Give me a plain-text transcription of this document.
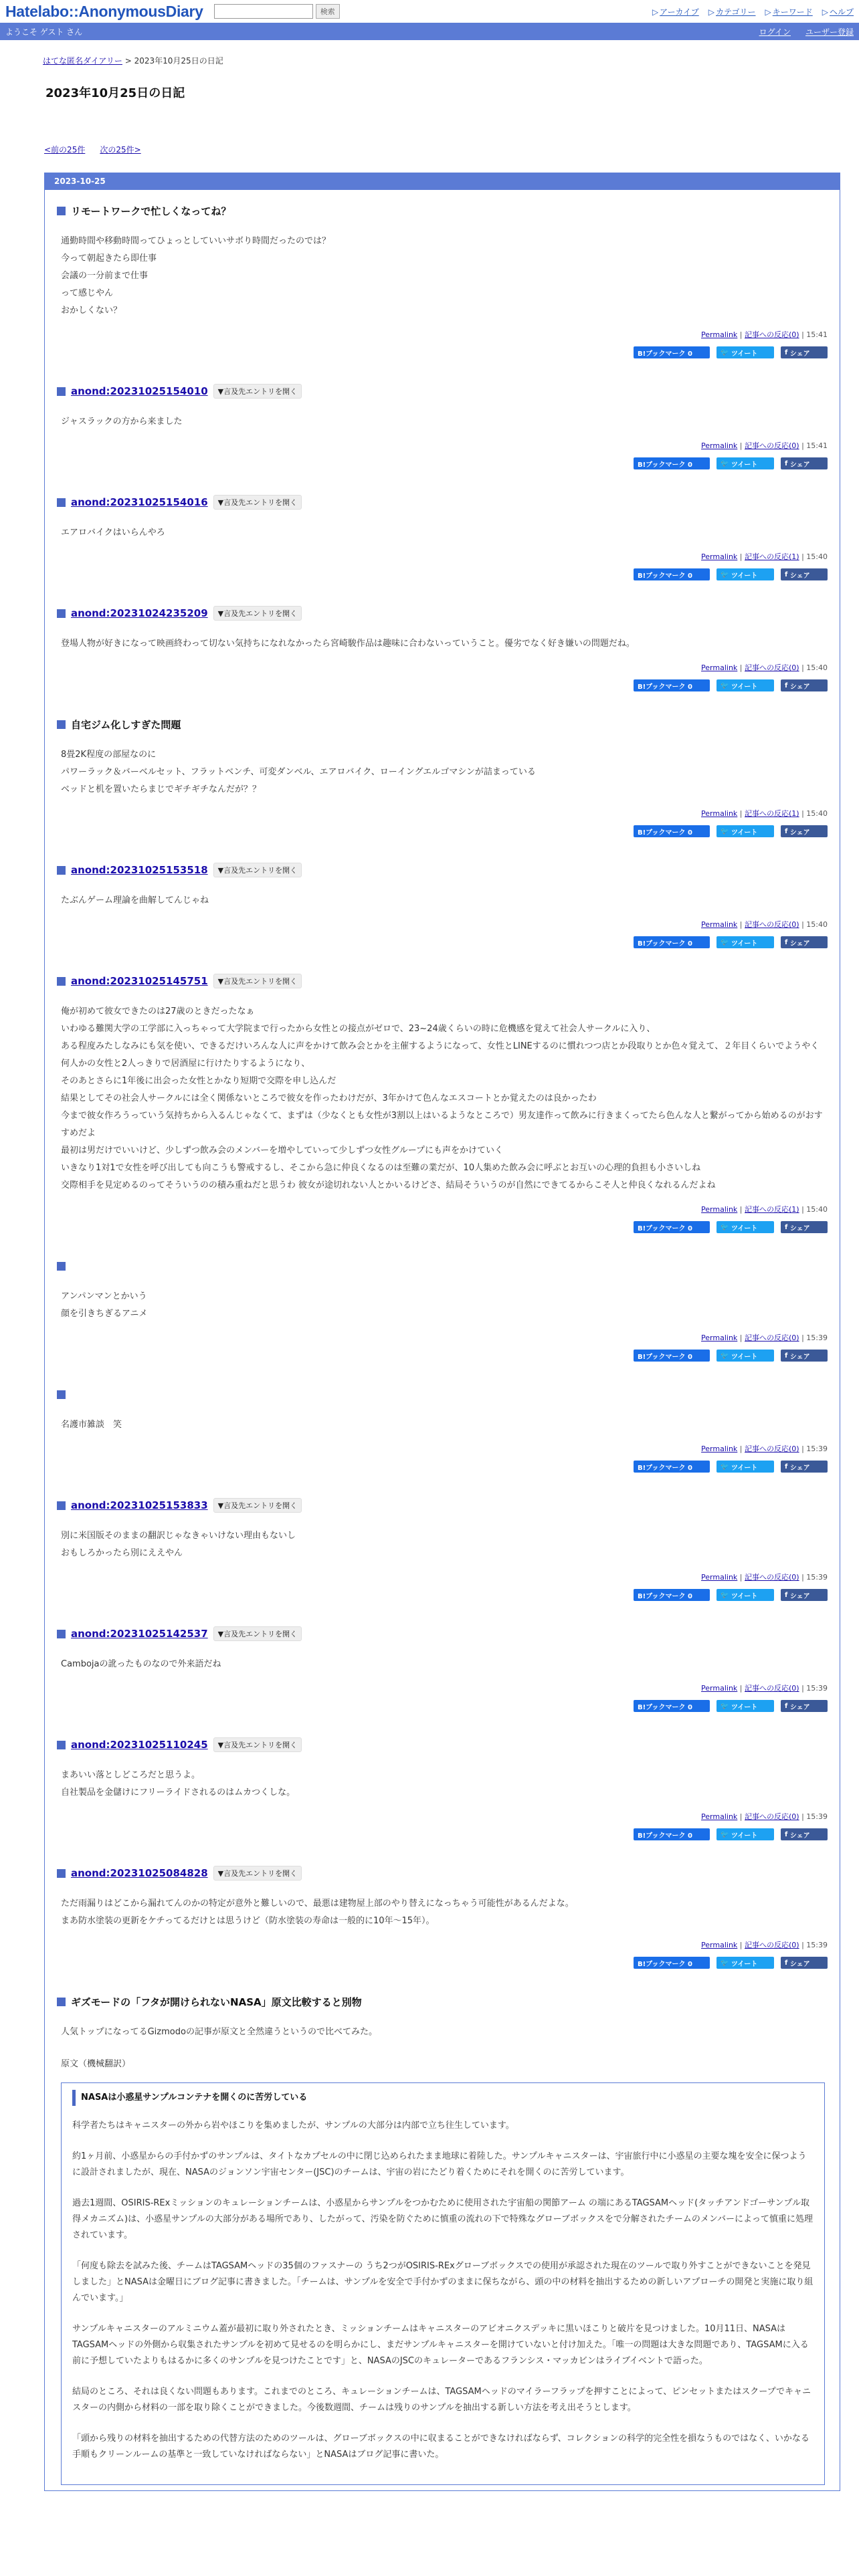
Hatelabo::AnonymousDiary	検索	▷ アーカイブ ▷ カテゴリー ▷ キーワード ▷ ヘルプ
ようこそ ゲスト さん	ログイン ユーザー登録
はてな匿名ダイアリー > 2023年10月25日の日記
2023年10月25日の日記
<前の25件 次の25件>
2023-10-25
リモートワークで忙しくなってね？

通勤時間や移動時間ってひょっとしていいサボり時間だったのでは？

今って朝起きたら即仕事

会議の一分前まで仕事

って感じやん

おかしくない？

Permalink | 記事への反応(0) | 15:41
B!ブックマーク 0	🐦 ツイート	f シェア
anond:20231025154010	▼言及先エントリを開く

ジャスラックの方から来ました

Permalink | 記事への反応(0) | 15:41
B!ブックマーク 0	🐦 ツイート	f シェア
anond:20231025154016	▼言及先エントリを開く

エアロバイクはいらんやろ

Permalink | 記事への反応(1) | 15:40
B!ブックマーク 0	🐦 ツイート	f シェア
anond:20231024235209	▼言及先エントリを開く

登場人物が好きになって映画終わって切ない気持ちになれなかったら宮崎駿作品は趣味に合わないっていうこと。優劣でなく好き嫌いの問題だね。

Permalink | 記事への反応(0) | 15:40
B!ブックマーク 0	🐦 ツイート	f シェア
自宅ジム化しすぎた問題

8畳2K程度の部屋なのに

パワーラック＆バーベルセット、フラットベンチ、可変ダンベル、エアロバイク、ローイングエルゴマシンが詰まっている

ベッドと机を置いたらまじでギチギチなんだが？？

Permalink | 記事への反応(1) | 15:40
B!ブックマーク 0	🐦 ツイート	f シェア
anond:20231025153518	▼言及先エントリを開く

たぶんゲーム理論を曲解してんじゃね

Permalink | 記事への反応(0) | 15:40
B!ブックマーク 0	🐦 ツイート	f シェア
anond:20231025145751	▼言及先エントリを開く

俺が初めて彼女できたのは27歳のときだったなぁ

いわゆる難関大学の工学部に入っちゃって大学院まで行ったから女性との接点がゼロで、23~24歳くらいの時に危機感を覚えて社会人サークルに入り、

ある程度みたしなみにも気を使い、できるだけいろんな人に声をかけて飲み会とかを主催するようになって、女性とLINEするのに慣れつつ店とか段取りとか色々覚えて、２年目くらいでようやく何人かの女性と2人っきりで居酒屋に行けたりするようになり、

そのあとさらに1年後に出会った女性とかなり短期で交際を申し込んだ

結果としてその社会人サークルには全く関係ないところで彼女を作ったわけだが、3年かけて色んなエスコートとか覚えたのは良かったわ

今まで彼女作ろうっていう気持ちから入るんじゃなくて、まずは（少なくとも女性が3割以上はいるようなところで）男友達作って飲みに行きまくってたら色んな人と繋がってから始めるのがおすすめだよ

最初は男だけでいいけど、少しずつ飲み会のメンバーを増やしていって少しずつ女性グループにも声をかけていく

いきなり1対1で女性を呼び出しても向こうも警戒するし、そこから急に仲良くなるのは至難の業だが、10人集めた飲み会に呼ぶとお互いの心理的負担も小さいしね

交際相手を見定めるのってそういうのの積み重ねだと思うわ 彼女が途切れない人とかいるけどさ、結局そういうのが自然にできてるからこそ人と仲良くなれるんだよね

Permalink | 記事への反応(1) | 15:40
B!ブックマーク 0	🐦 ツイート	f シェア

アンパンマンとかいう

顔を引きちぎるアニメ

Permalink | 記事への反応(0) | 15:39
B!ブックマーク 0	🐦 ツイート	f シェア

名護市雑談　笑

Permalink | 記事への反応(0) | 15:39
B!ブックマーク 0	🐦 ツイート	f シェア
anond:20231025153833	▼言及先エントリを開く

別に米国版そのままの翻訳じゃなきゃいけない理由もないし

おもしろかったら別にええやん

Permalink | 記事への反応(0) | 15:39
B!ブックマーク 0	🐦 ツイート	f シェア
anond:20231025142537	▼言及先エントリを開く

Cambojaの訛ったものなので外来語だね

Permalink | 記事への反応(0) | 15:39
B!ブックマーク 0	🐦 ツイート	f シェア
anond:20231025110245	▼言及先エントリを開く

まあいい落としどころだと思うよ。

自社製品を金儲けにフリーライドされるのはムカつくしな。

Permalink | 記事への反応(0) | 15:39
B!ブックマーク 0	🐦 ツイート	f シェア
anond:20231025084828	▼言及先エントリを開く

ただ雨漏りはどこから漏れてんのかの特定が意外と難しいので、最悪は建物屋上部のやり替えになっちゃう可能性があるんだよな。

まあ防水塗装の更新をケチってるだけとは思うけど（防水塗装の寿命は一般的に10年〜15年）。

Permalink | 記事への反応(0) | 15:39
B!ブックマーク 0	🐦 ツイート	f シェア
ギズモードの「フタが開けられないNASA」原文比較すると別物

人気トップになってるGizmodoの記事が原文と全然違うというので比べてみた。

原文（機械翻訳）

NASAは小惑星サンプルコンテナを開くのに苦労している

科学者たちはキャニスターの外から岩やほこりを集めましたが、サンプルの大部分は内部で立ち往生しています。

約1ヶ月前、小惑星からの手付かずのサンプルは、タイトなカプセルの中に閉じ込められたまま地球に着陸した。サンプルキャニスターは、宇宙旅行中に小惑星の主要な塊を安全に保つように設計されましたが、現在、NASAのジョンソン宇宙センター(JSC)のチームは、宇宙の岩にたどり着くためにそれを開くのに苦労しています。

過去1週間、OSIRIS-RExミッションのキュレーションチームは、小惑星からサンプルをつかむために使用された宇宙船の関節アーム の端にあるTAGSAMヘッド(タッチアンドゴーサンプル取得メカニズム)は、小惑星サンプルの大部分がある場所であり、したがって、汚染を防ぐために慎重の流れの下で特殊なグローブボックスをで分解されたチームのメンバーによって慎重に処理されています。

「何度も除去を試みた後、チームはTAGSAMヘッドの35個のファスナーの うち2つがOSIRIS-RExグローブボックスでの使用が承認された現在のツールで取り外すことができないことを発見しました」とNASAは金曜日にブログ記事に書きました。「チームは、サンプルを安全で手付かずのままに保ちながら、頭の中の材料を抽出するための新しいアプローチの開発と実施に取り組んでいます。」

サンプルキャニスターのアルミニウム蓋が最初に取り外されたとき、ミッションチームはキャニスターのアビオニクスデッキに黒いほこりと破片を見つけました。10月11日、NASAはTAGSAMヘッドの外側から収集されたサンプルを初めて見せるのを明らかにし、まだサンプルキャニスターを開けていないと付け加えた。「唯一の問題は大きな問題であり、TAGSAMに入る前に予想していたよりもはるかに多くのサンプルを見つけたことです」と、NASAのJSCのキュレーターであるフランシス・マッカビンはライブイベントで語った。

結局のところ、それは良くない問題もあります。これまでのところ、キュレーションチームは、TAGSAMヘッドのマイラーフラップを押すことによって、ピンセットまたはスクープでキャニスターの内側から材料の一部を取り除くことができました。今後数週間、チームは残りのサンプルを抽出する新しい方法を考え出そうとします。

「頭から残りの材料を抽出するための代替方法のためのツールは、グローブボックスの中に収まることができなければならず、コレクションの科学的完全性を損なうものではなく、いかなる手順もクリーンルームの基準と一致していなければならない」とNASAはブログ記事に書いた。
